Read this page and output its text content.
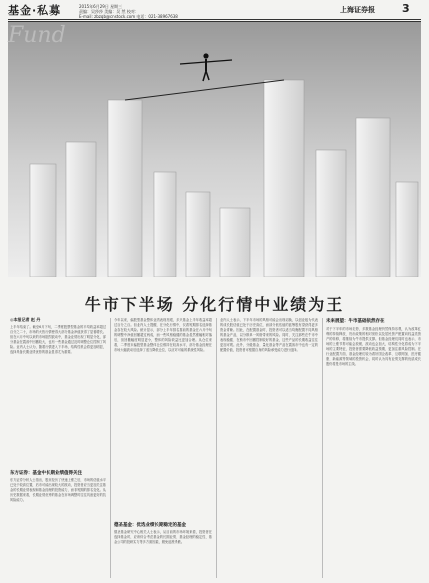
基金·私募	2015年6月29日 星期三
责编：吴莎莎 美编：吴 然 校对：
E-mail: zbzqb@cnstock.com 电话：021-38967638
上海证券报 3
Fund
牛市下半场 分化行情中业绩为王
◎本报记者 赵 丹
上半年结束了。截至6月下旬，二季度股票型基金的平均收益率超过百分之二十，市场的火热行情使得大部分基金净值获得了显著增长。但在六月中旬以来的市场剧烈波动中，基金业绩出现了明显分化，部分基金在震荡中回撤较大，也有一些基金通过及时调整仓位控制了风险。业内人士认为，随着行情进入下半场，结构性机会将更加明显，选择具备长期业绩优势的基金显得尤为重要。
东方证券：基金中长期业绩值得关注
东方证券分析人士指出，股市经历了快速上涨之后，市场的估值水平已处于较高位置，后市可能出现较大的波动，投资者应当更加关注基金的长期业绩表现和基金经理的投资能力，而非短期的排名变化。从历史数据来看，长期业绩优秀的基金在市场调整时往往具备更好的抗风险能力。
今年以来，偏股型基金整体业绩表现亮眼，多只基金上半年收益率超过百分之百。但业内人士提醒，在分化行情中，仅看短期排名选择基金存在较大风险。统计显示，部分上半年排名靠前的基金在六月中旬的调整中净值回撤超过两成，而一些风格稳健的基金虽然涨幅相对落后，但回撤幅度明显更小，整体的风险收益比更加合理。从仓位来看，二季度末偏股型基金整体仓位维持在较高水平，部分基金经理在市场大幅波动后选择了适当降低仓位，以应对可能的系统性风险。
德圣基金：优选业绩长期稳定的基金
德圣基金研究中心相关人士表示，从目前的市场环境来看，投资者在选择基金时，应该综合考虑基金的长期业绩、基金经理的稳定性、基金公司的投研实力等多方面因素，避免追涨杀跌。
业内人士表示，下半年市场的风格可能会出现切换，以创业板为代表的成长股估值已处于历史高位，而部分低估值的蓝筹股有望获得更多资金青睐。因此，在配置基金时，投资者可以适当均衡配置不同风格的基金产品，以分散单一风格带来的风险。同时，关注那些在牛市中表现稳健、在熊市中回撤控制较好的基金，这些产品的长期收益往往更加可观。此外，分级基金、量化基金等产品在震荡市中也有一定的配置价值，投资者可根据自身的风险承受能力进行选择。
未来展望：牛市基础依然存在
对于下半年的市场走势，多数基金经理仍然保持乐观，认为改革红利的持续释放、货币政策的相对宽松以及居民资产配置向权益类资产的转移，将继续为牛市提供支撑。但基金经理们同时也表示，市场的上涨节奏可能会放缓，波动也会加大，结构性分化将成为下半场的主要特征，投资者需要降低收益预期，更加注重风险控制。在行业配置方面，基金经理们较为看好国企改革、互联网加、医疗健康、新能源等领域的投资机会，同时认为具有业绩支撑的优质成长股仍将是市场的主线。
